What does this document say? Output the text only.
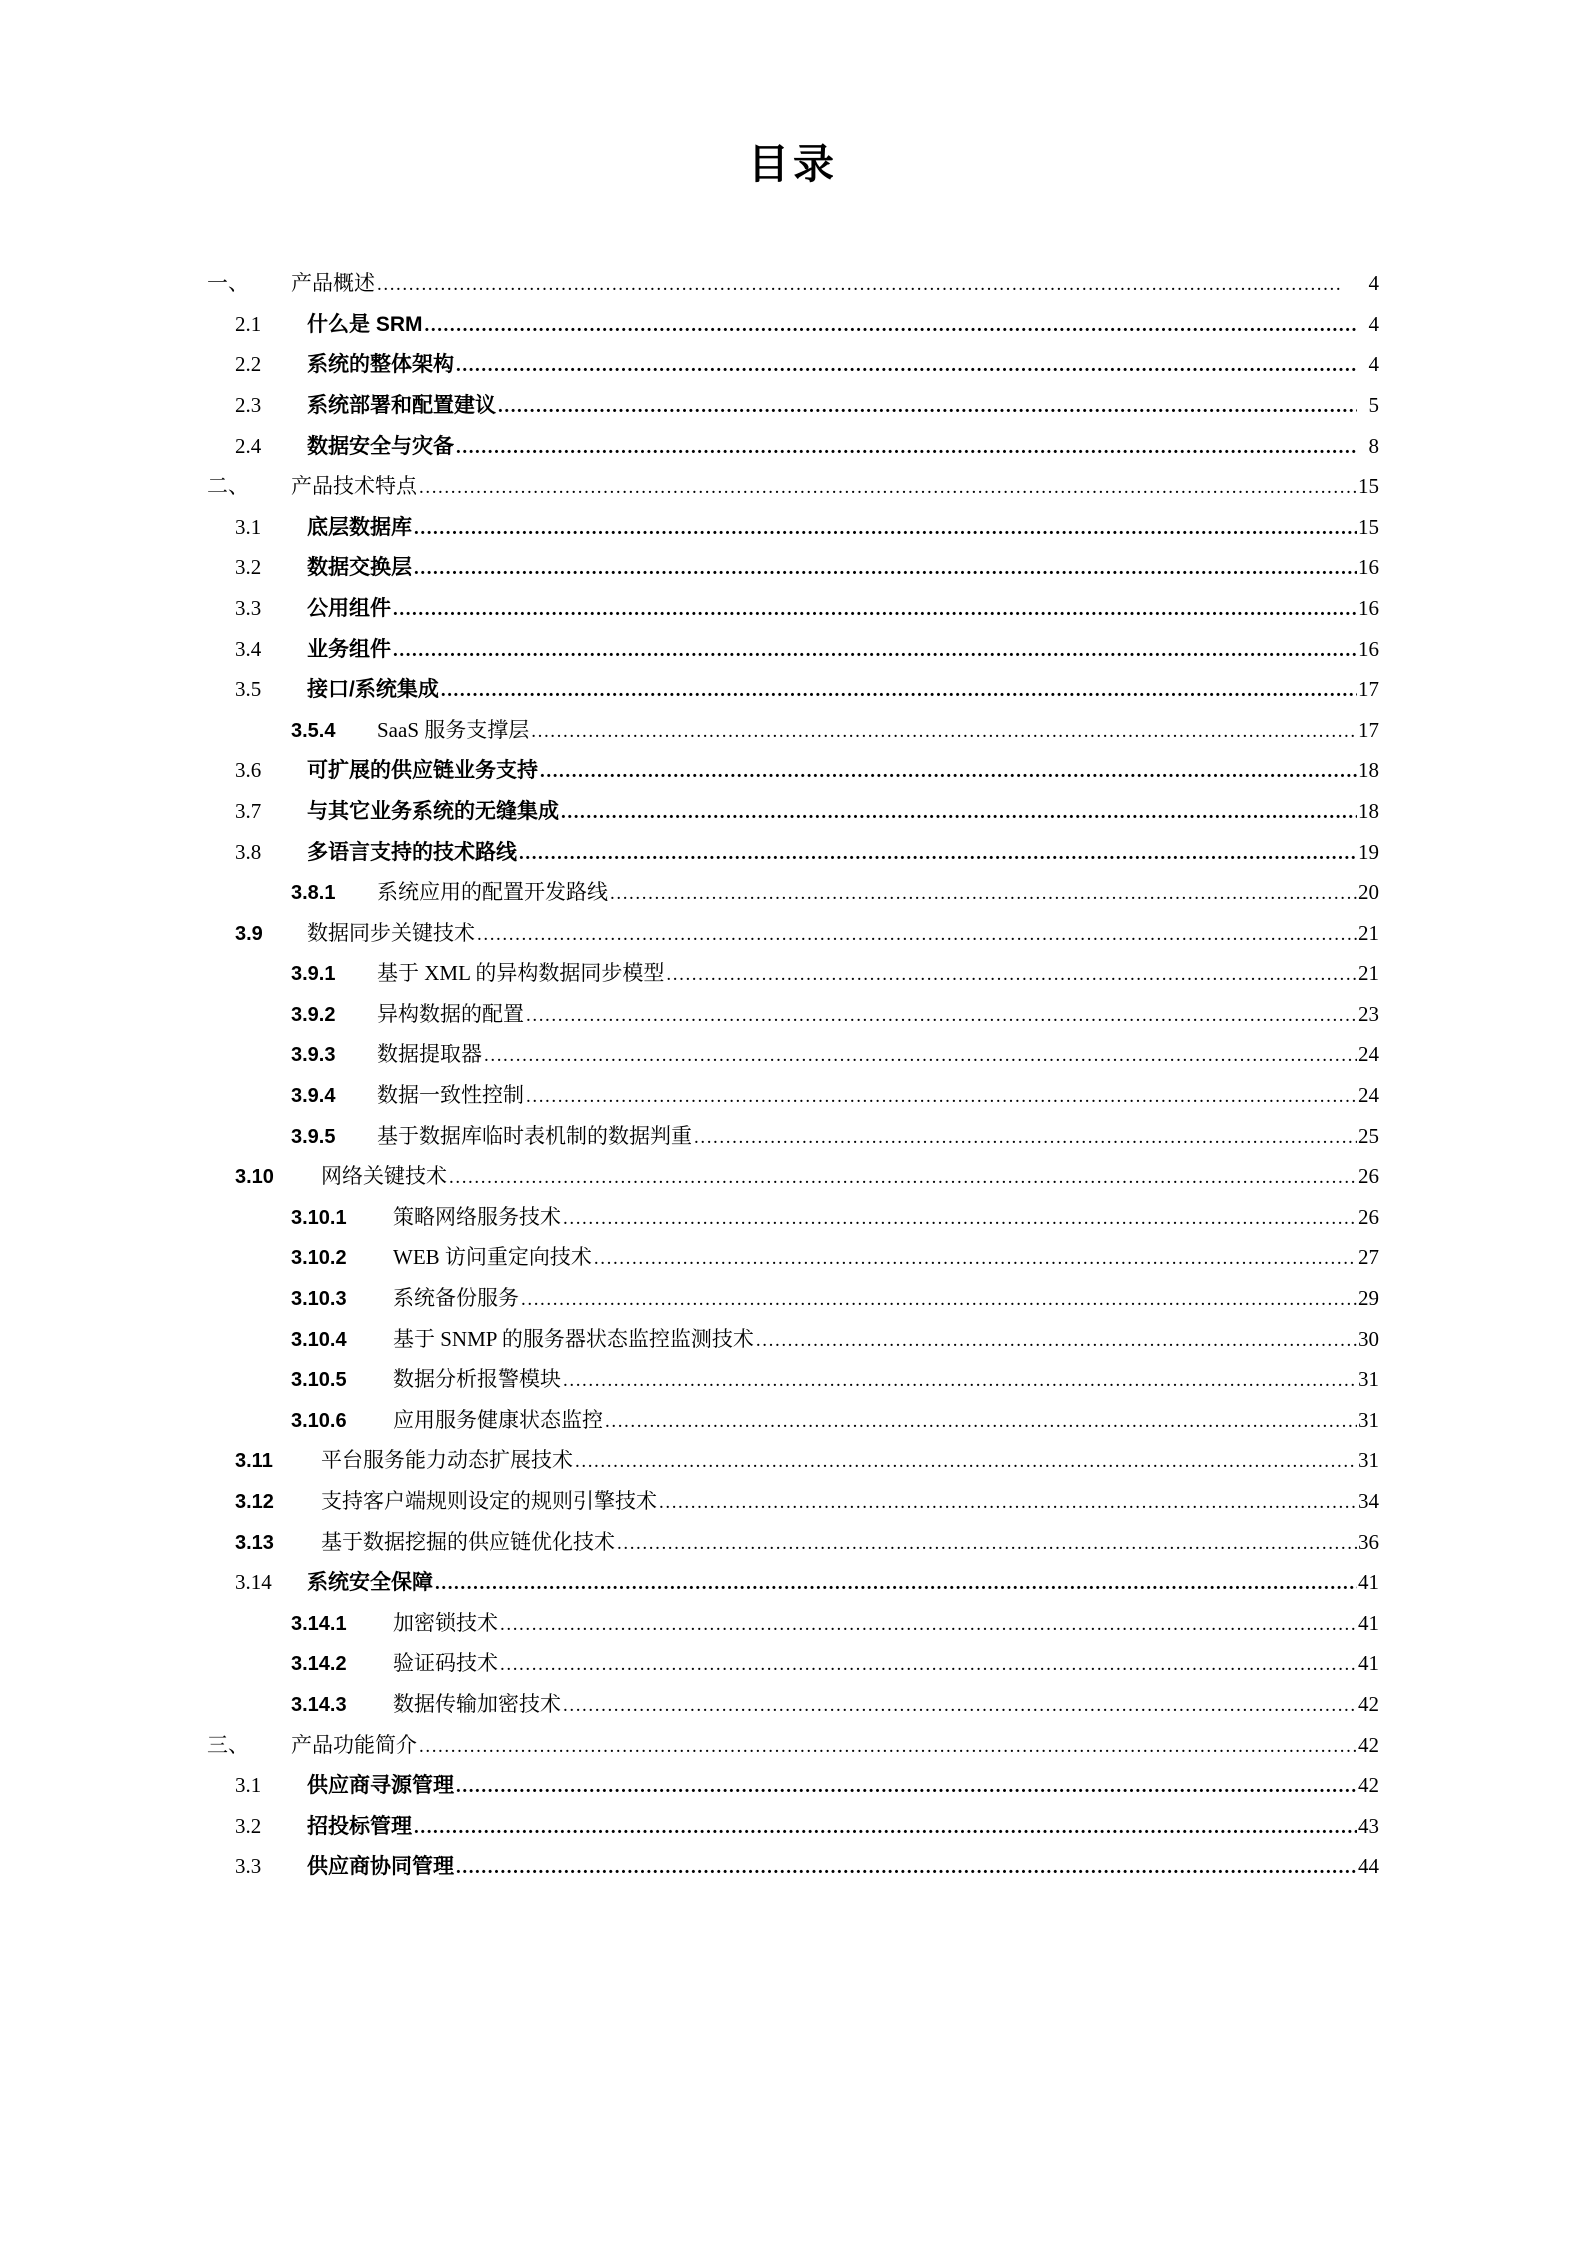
目录
一、	产品概述 .....	4
2.1	什么是 SRM .....	4
2.2	系统的整体架构 .....	4
2.3	系统部署和配置建议 .....	5
2.4	数据安全与灾备 .....	8
二、	产品技术特点 .....	15
3.1	底层数据库 .....	15
3.2	数据交换层 .....	16
3.3	公用组件 .....	16
3.4	业务组件 .....	16
3.5	接口/系统集成 .....	17
3.5.4	SaaS 服务支撑层 .....	17
3.6	可扩展的供应链业务支持 .....	18
3.7	与其它业务系统的无缝集成 .....	18
3.8	多语言支持的技术路线 .....	19
3.8.1	系统应用的配置开发路线 .....	20
3.9	数据同步关键技术 .....	21
3.9.1	基于 XML 的异构数据同步模型 .....	21
3.9.2	异构数据的配置 .....	23
3.9.3	数据提取器 .....	24
3.9.4	数据一致性控制 .....	24
3.9.5	基于数据库临时表机制的数据判重 .....	25
3.10	网络关键技术 .....	26
3.10.1	策略网络服务技术 .....	26
3.10.2	WEB 访问重定向技术 .....	27
3.10.3	系统备份服务 .....	29
3.10.4	基于 SNMP 的服务器状态监控监测技术 .....	30
3.10.5	数据分析报警模块 .....	31
3.10.6	应用服务健康状态监控 .....	31
3.11	平台服务能力动态扩展技术 .....	31
3.12	支持客户端规则设定的规则引擎技术 .....	34
3.13	基于数据挖掘的供应链优化技术 .....	36
3.14	系统安全保障 .....	41
3.14.1	加密锁技术 .....	41
3.14.2	验证码技术 .....	41
3.14.3	数据传输加密技术 .....	42
三、	产品功能简介 .....	42
3.1	供应商寻源管理 .....	42
3.2	招投标管理 .....	43
3.3	供应商协同管理 .....	44
